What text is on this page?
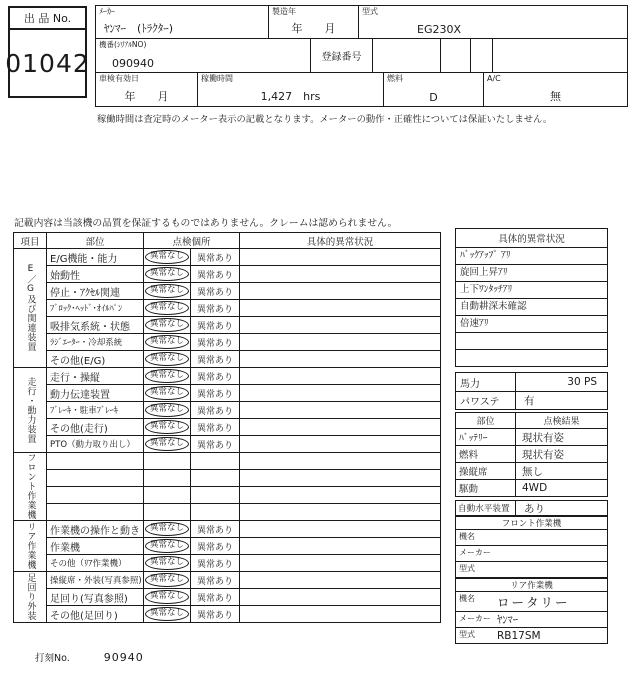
出 品 No.
01042
ﾒｰｶｰ
ﾔﾝﾏｰ　(ﾄﾗｸﾀｰ)
製造年
年　　月
型式
EG230X
機番(ｼﾘｱﾙNO)
090940	登録番号
車検有効日
年　　月
稼働時間
1,427　hrs
燃料
D
A/C
無
稼働時間は査定時のメーター表示の記載となります。メーターの動作・正確性については保証いたしません。
記載内容は当該機の品質を保証するものではありません。クレームは認められません。
項目	部位	点検個所	具体的異常状況
E／G及び関連装置
E/G機能・能力	異常なし	異常あり
始動性	異常なし	異常あり
停止・ｱｸｾﾙ関連	異常なし	異常あり
ﾌﾞﾛｯｸ･ﾍｯﾄﾞ･ｵｲﾙﾊﾟﾝ	異常なし	異常あり
吸排気系統・状態	異常なし	異常あり
ﾗｼﾞｴｰﾀｰ・冷却系統	異常なし	異常あり
その他(E/G)	異常なし	異常あり
走行・動力装置	走行・操縦	異常なし	異常あり
動力伝達装置	異常なし	異常あり
ﾌﾞﾚｰｷ・駐車ﾌﾞﾚｰｷ	異常なし	異常あり
その他(走行)	異常なし	異常あり
PTO（動力取り出し）	異常なし	異常あり
フロント作業機
リア作業機	作業機の操作と動き	異常なし	異常あり
作業機	異常なし	異常あり
その他（ﾘｱ作業機）	異常なし	異常あり
足回り外装	操縦席・外装(写真参照) 異常なし	異常あり
足回り(写真参照)	異常なし	異常あり
その他(足回り)	異常なし	異常あり
具体的異常状況
ﾊﾞｯｸｱｯﾌﾟ ｱﾘ
旋回上昇ｱﾘ
上下ﾜﾝﾀｯﾁｱﾘ
自動耕深未確認
倍速ｱﾘ
馬力	30 PS
パワステ	有
部位	点検結果
ﾊﾞｯﾃﾘｰ	現状有姿
燃料	現状有姿
操縦席	無し
駆動	4WD
自動水平装置	あり
フロント作業機
機名
メーカー
型式
リア作業機
機名	ロータリー
メーカー ﾔﾝﾏｰ
型式	RB17SM
打刻No.	90940
